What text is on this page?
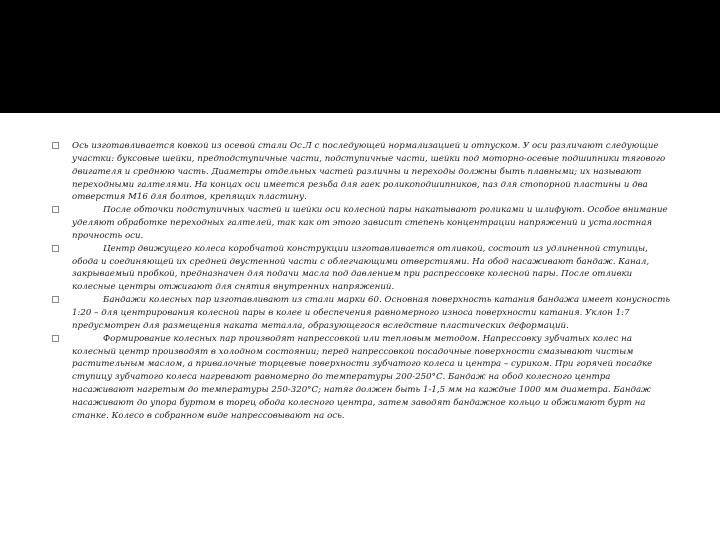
Ось изготавливается ковкой из осевой стали Ос.Л с последующей нормализацией и отпуском. У оси различают следующие участки: буксовые шейки, предподступичные части, подступичные части, шейки под моторно-осевые подшипники тягового двигателя и среднюю часть. Диаметры отдельных частей различны и переходы должны быть плавными; их называют переходными галтелями. На концах оси имеется резьба для гаек роликоподшипников, паз для стопорной пластины и два отверстия М16 для болтов, крепящих пластину.

После обточки подступичных частей и шейки оси колесной пары накатывают роликами и шлифуют. Особое внимание уделяют обработке переходных галтелей, так как от этого зависит степень концентрации напряжений и усталостная прочность оси.

Центр движущего колеса коробчатой конструкции изготавливается отливкой, состоит из удлиненной ступицы, обода и соединяющей их средней двустенной части с облегчающими отверстиями. На обод насаживают бандаж. Канал, закрываемый пробкой, предназначен для подачи масла под давлением при распрессовке колесной пары. После отливки колесные центры отжигают для снятия внутренних напряжений.

Бандажи колесных пар изготавливают из стали марки 60. Основная поверхность катания бандажа имеет конусность 1:20 – для центрирования колесной пары в колее и обеспечения равномерного износа поверхности катания. Уклон 1:7 предусмотрен для размещения наката металла, образующегося вследствие пластических деформаций.

Формирование колесных пар производят напрессовкой или тепловым методом. Напрессовку зубчатых колес на колесный центр производят в холодном состоянии; перед напрессовкой посадочные поверхности смазывают чистым растительным маслом, а привалочные торцевые поверхности зубчатого колеса и центра – суриком. При горячей посадке ступицу зубчатого колеса нагревают равномерно до температуры 200-250°С. Бандаж на обод колесного центра насаживают нагретым до температуры 250-320°С; натяг должен быть 1-1,5 мм на каждые 1000 мм диаметра. Бандаж насаживают до упора буртом в торец обода колесного центра, затем заводят бандажное кольцо и обжимают бурт на станке. Колесо в собранном виде напрессовывают на ось.
